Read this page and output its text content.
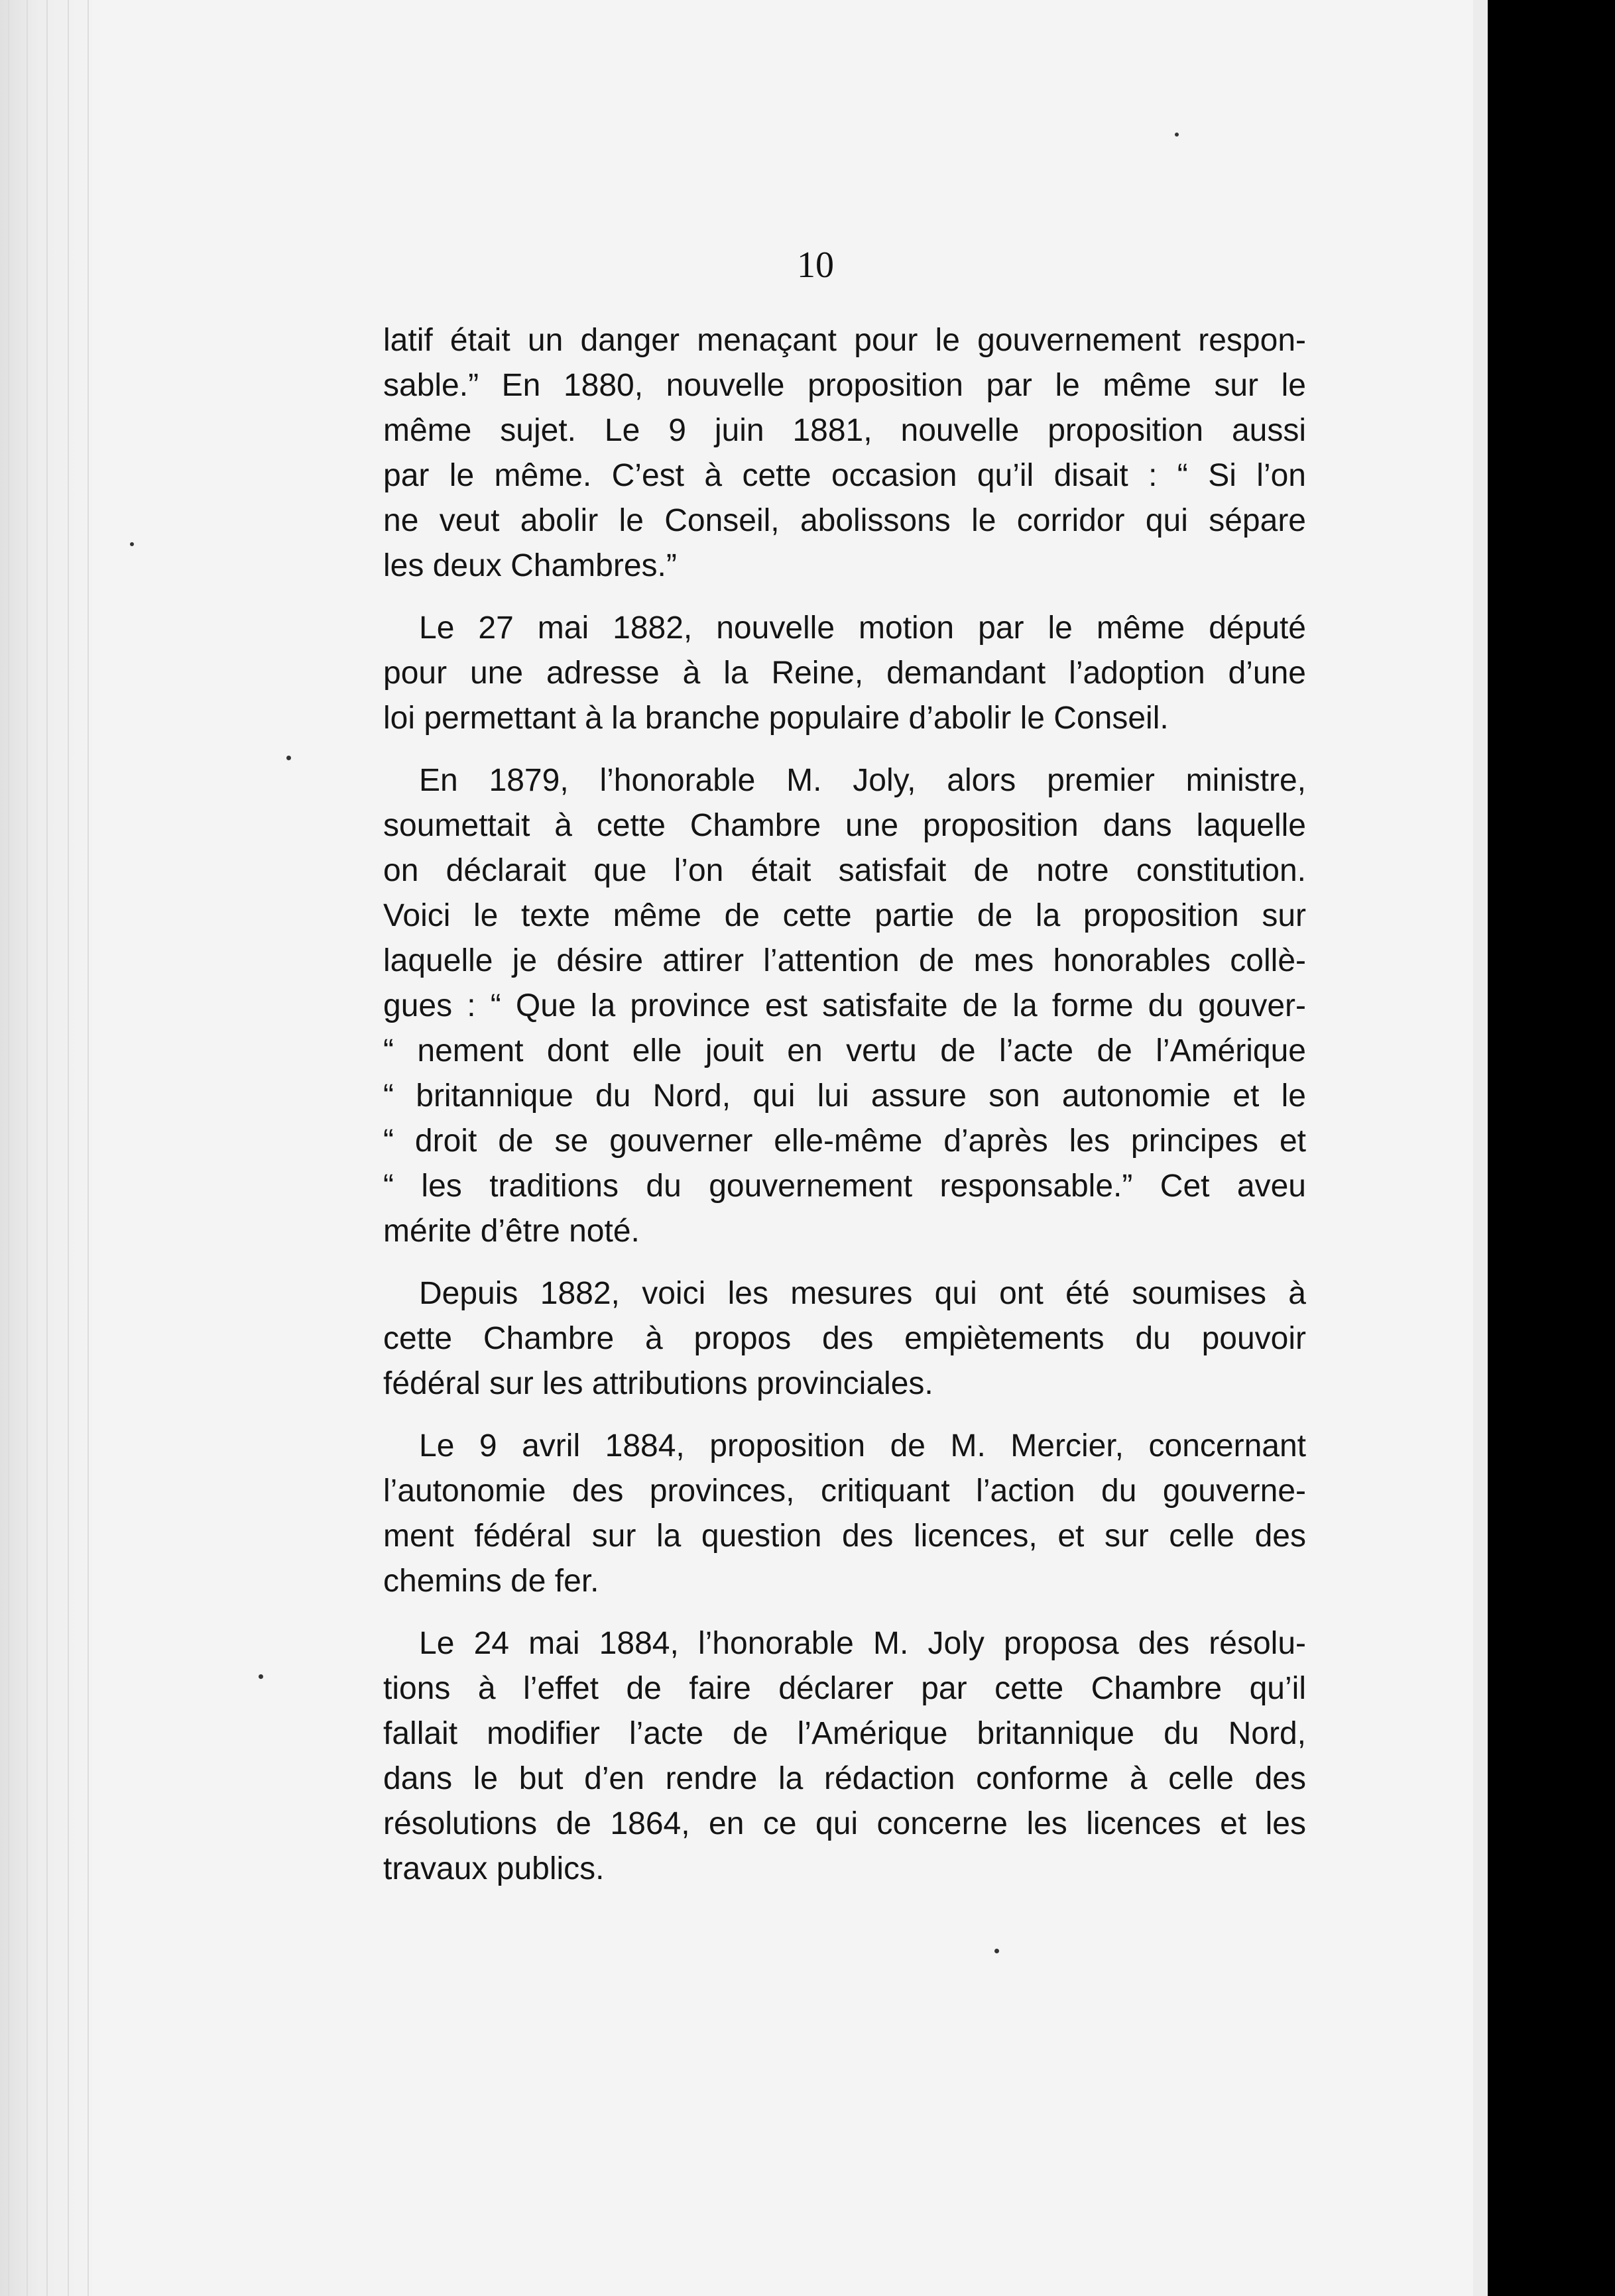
10
latif était un danger menaçant pour le gouvernement respon-
sable.” En 1880, nouvelle proposition par le même sur le
même sujet. Le 9 juin 1881, nouvelle proposition aussi
par le même. C’est à cette occasion qu’il disait : “ Si l’on
ne veut abolir le Conseil, abolissons le corridor qui sépare
les deux Chambres.”
Le 27 mai 1882, nouvelle motion par le même député
pour une adresse à la Reine, demandant l’adoption d’une
loi permettant à la branche populaire d’abolir le Conseil.
En 1879, l’honorable M. Joly, alors premier ministre,
soumettait à cette Chambre une proposition dans laquelle
on déclarait que l’on était satisfait de notre constitution.
Voici le texte même de cette partie de la proposition sur
laquelle je désire attirer l’attention de mes honorables collè-
gues : “ Que la province est satisfaite de la forme du gouver-
“ nement dont elle jouit en vertu de l’acte de l’Amérique
“ britannique du Nord, qui lui assure son autonomie et le
“ droit de se gouverner elle-même d’après les principes et
“ les traditions du gouvernement responsable.” Cet aveu
mérite d’être noté.
Depuis 1882, voici les mesures qui ont été soumises à
cette Chambre à propos des empiètements du pouvoir
fédéral sur les attributions provinciales.
Le 9 avril 1884, proposition de M. Mercier, concernant
l’autonomie des provinces, critiquant l’action du gouverne-
ment fédéral sur la question des licences, et sur celle des
chemins de fer.
Le 24 mai 1884, l’honorable M. Joly proposa des résolu-
tions à l’effet de faire déclarer par cette Chambre qu’il
fallait modifier l’acte de l’Amérique britannique du Nord,
dans le but d’en rendre la rédaction conforme à celle des
résolutions de 1864, en ce qui concerne les licences et les
travaux publics.
